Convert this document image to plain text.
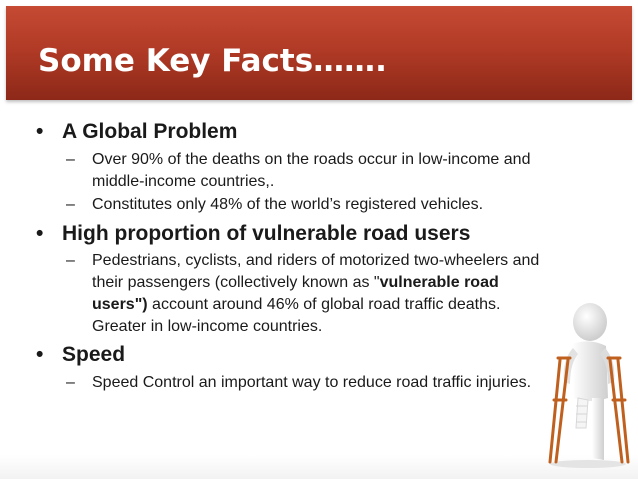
Some Key Facts…….
• A Global Problem
– Over 90% of the deaths on the roads occur in low-income and middle-income countries,.
– Constitutes only 48% of the world’s registered vehicles.
• High proportion of vulnerable road users
– Pedestrians, cyclists, and riders of motorized two-wheelers and their passengers (collectively known as "vulnerable road users") account around 46% of global road traffic deaths. Greater in low-income countries.
• Speed
– Speed Control an important way to reduce road traffic injuries.
